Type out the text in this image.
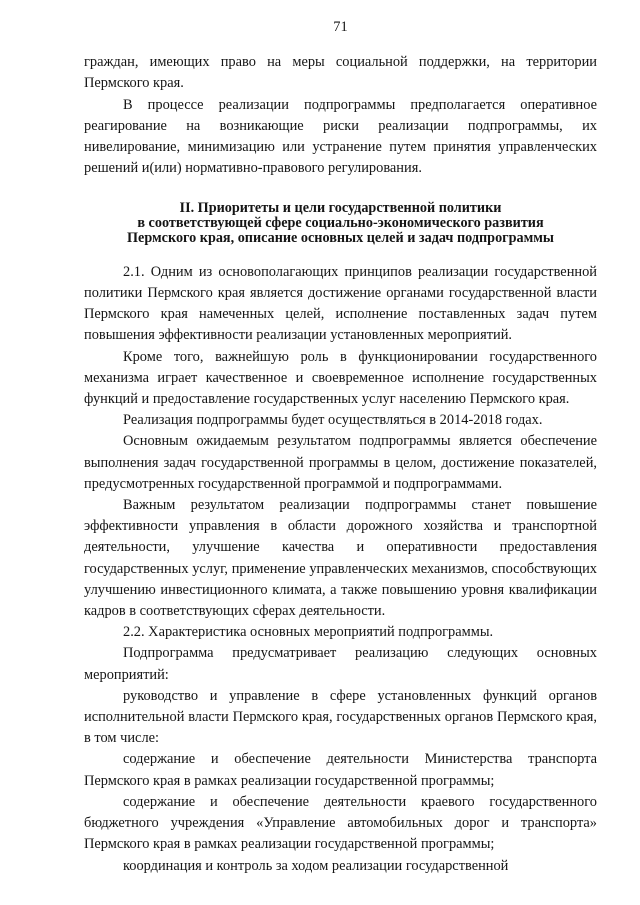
71

граждан, имеющих право на меры социальной поддержки, на территории Пермского края.

В процессе реализации подпрограммы предполагается оперативное реагирование на возникающие риски реализации подпрограммы, их нивелирование, минимизацию или устранение путем принятия управленческих решений и(или) нормативно-правового регулирования.

II. Приоритеты и цели государственной политики
в соответствующей сфере социально-экономического развития
Пермского края, описание основных целей и задач подпрограммы

2.1. Одним из основополагающих принципов реализации государственной политики Пермского края является достижение органами государственной власти Пермского края намеченных целей, исполнение поставленных задач путем повышения эффективности реализации установленных мероприятий.

Кроме того, важнейшую роль в функционировании государственного механизма играет качественное и своевременное исполнение государственных функций и предоставление государственных услуг населению Пермского края.

Реализация подпрограммы будет осуществляться в 2014-2018 годах.

Основным ожидаемым результатом подпрограммы является обеспечение выполнения задач государственной программы в целом, достижение показателей, предусмотренных государственной программой и подпрограммами.

Важным результатом реализации подпрограммы станет повышение эффективности управления в области дорожного хозяйства и транспортной деятельности, улучшение качества и оперативности предоставления государственных услуг, применение управленческих механизмов, способствующих улучшению инвестиционного климата, а также повышению уровня квалификации кадров в соответствующих сферах деятельности.

2.2. Характеристика основных мероприятий подпрограммы.

Подпрограмма предусматривает реализацию следующих основных мероприятий:

руководство и управление в сфере установленных функций органов исполнительной власти Пермского края, государственных органов Пермского края, в том числе:

содержание и обеспечение деятельности Министерства транспорта Пермского края в рамках реализации государственной программы;

содержание и обеспечение деятельности краевого государственного бюджетного учреждения «Управление автомобильных дорог и транспорта» Пермского края в рамках реализации государственной программы;

координация и контроль за ходом реализации государственной
